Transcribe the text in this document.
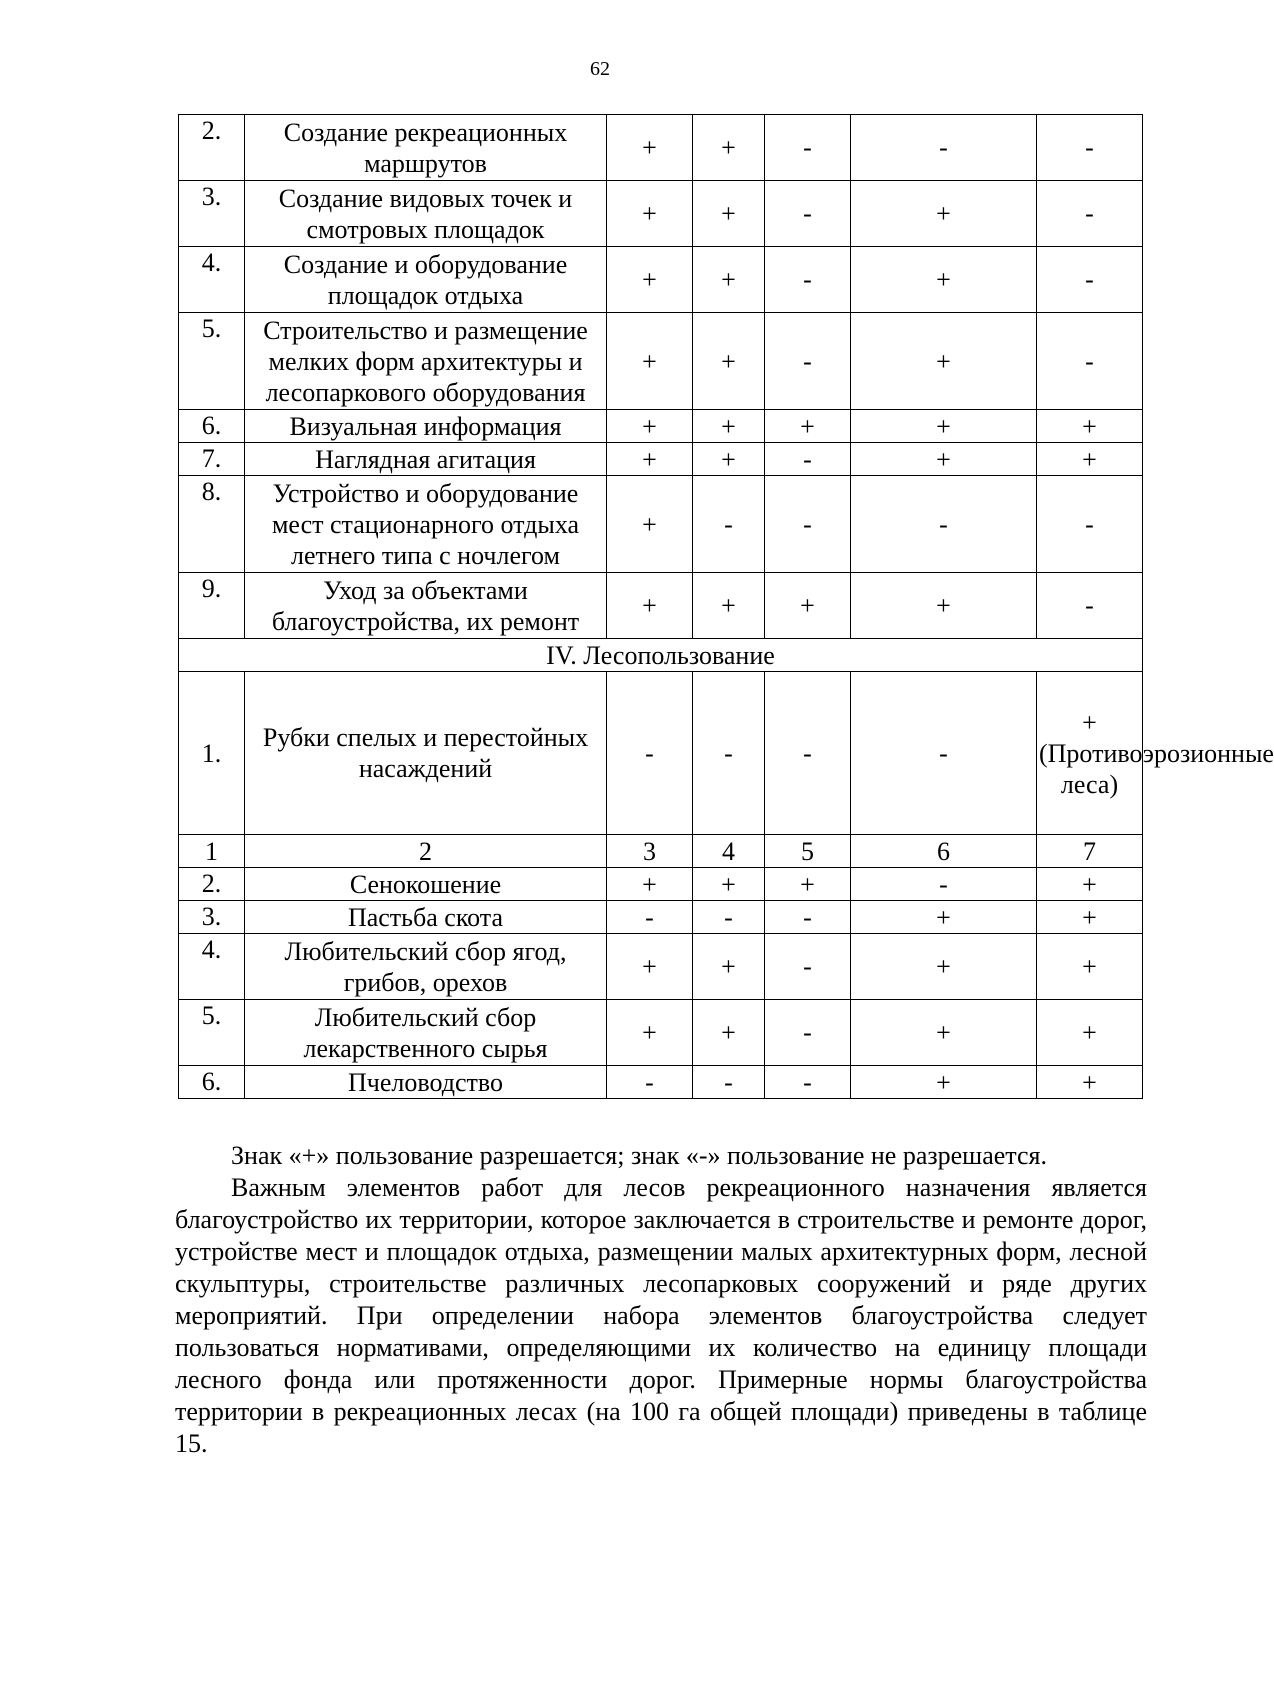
62
2.	Создание рекреационных маршрутов	+	+	-	-	-
3.	Создание видовых точек и смотровых площадок	+	+	-	+	-
4.	Создание и оборудование площадок отдыха	+	+	-	+	-
5.	Строительство и размещение мелких форм архитектуры и лесопаркового оборудования	+	+	-	+	-
6.	Визуальная информация	+	+	+	+	+
7.	Наглядная агитация	+	+	-	+	+
8.	Устройство и оборудование мест стационарного отдыха летнего типа с ночлегом	+	-	-	-	-
9.	Уход за объектами благоустройства, их ремонт	+	+	+	+	-
IV. Лесопользование						
1.	Рубки спелых и перестойных насаждений	-	-	-	-	+(Противоэрозионные леса)
1	2	3	4	5	6	7
2.	Сенокошение	+	+	+	-	+
3.	Пастьба скота	-	-	-	+	+
4.	Любительский сбор ягод, грибов, орехов	+	+	-	+	+
5.	Любительский сбор лекарственного сырья	+	+	-	+	+
6.	Пчеловодство	-	-	-	+	+

Знак «+» пользование разрешается; знак «-» пользование не разрешается.

Важным элементов работ для лесов рекреационного назначения является благоустройство их территории, которое заключается в строительстве и ремонте дорог, устройстве мест и площадок отдыха, размещении малых архитектурных форм, лесной скульптуры, строительстве различных лесопарковых сооружений и ряде других мероприятий. При определении набора элементов благоустройства следует пользоваться нормативами, определяющими их количество на единицу площади лесного фонда или протяженности дорог. Примерные нормы благоустройства территории в рекреационных лесах (на 100 га общей площади) приведены в таблице 15.
